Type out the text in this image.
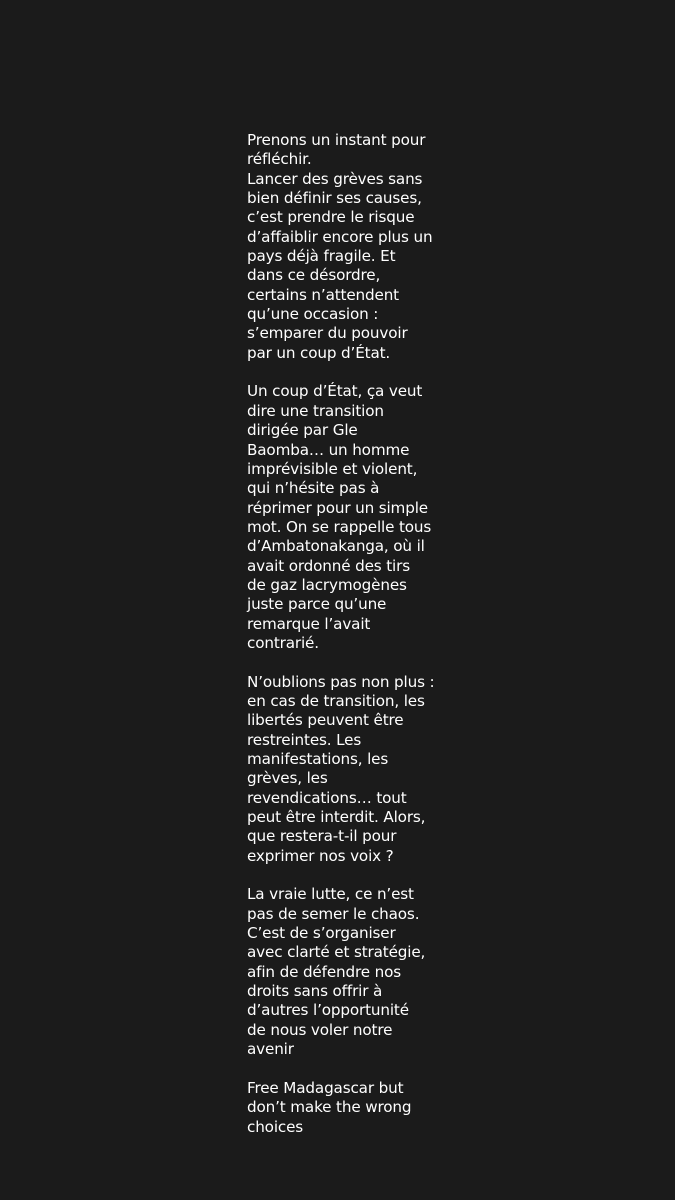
Prenons un instant pour
réfléchir.
Lancer des grèves sans
bien définir ses causes,
c’est prendre le risque
d’affaiblir encore plus un
pays déjà fragile. Et
dans ce désordre,
certains n’attendent
qu’une occasion :
s’emparer du pouvoir
par un coup d’État.

Un coup d’État, ça veut
dire une transition
dirigée par Gle
Baomba… un homme
imprévisible et violent,
qui n’hésite pas à
réprimer pour un simple
mot. On se rappelle tous
d’Ambatonakanga, où il
avait ordonné des tirs
de gaz lacrymogènes
juste parce qu’une
remarque l’avait
contrarié.

N’oublions pas non plus :
en cas de transition, les
libertés peuvent être
restreintes. Les
manifestations, les
grèves, les
revendications… tout
peut être interdit. Alors,
que restera-t-il pour
exprimer nos voix ?

La vraie lutte, ce n’est
pas de semer le chaos.
C’est de s’organiser
avec clarté et stratégie,
afin de défendre nos
droits sans offrir à
d’autres l’opportunité
de nous voler notre
avenir

Free Madagascar but
don’t make the wrong
choices
